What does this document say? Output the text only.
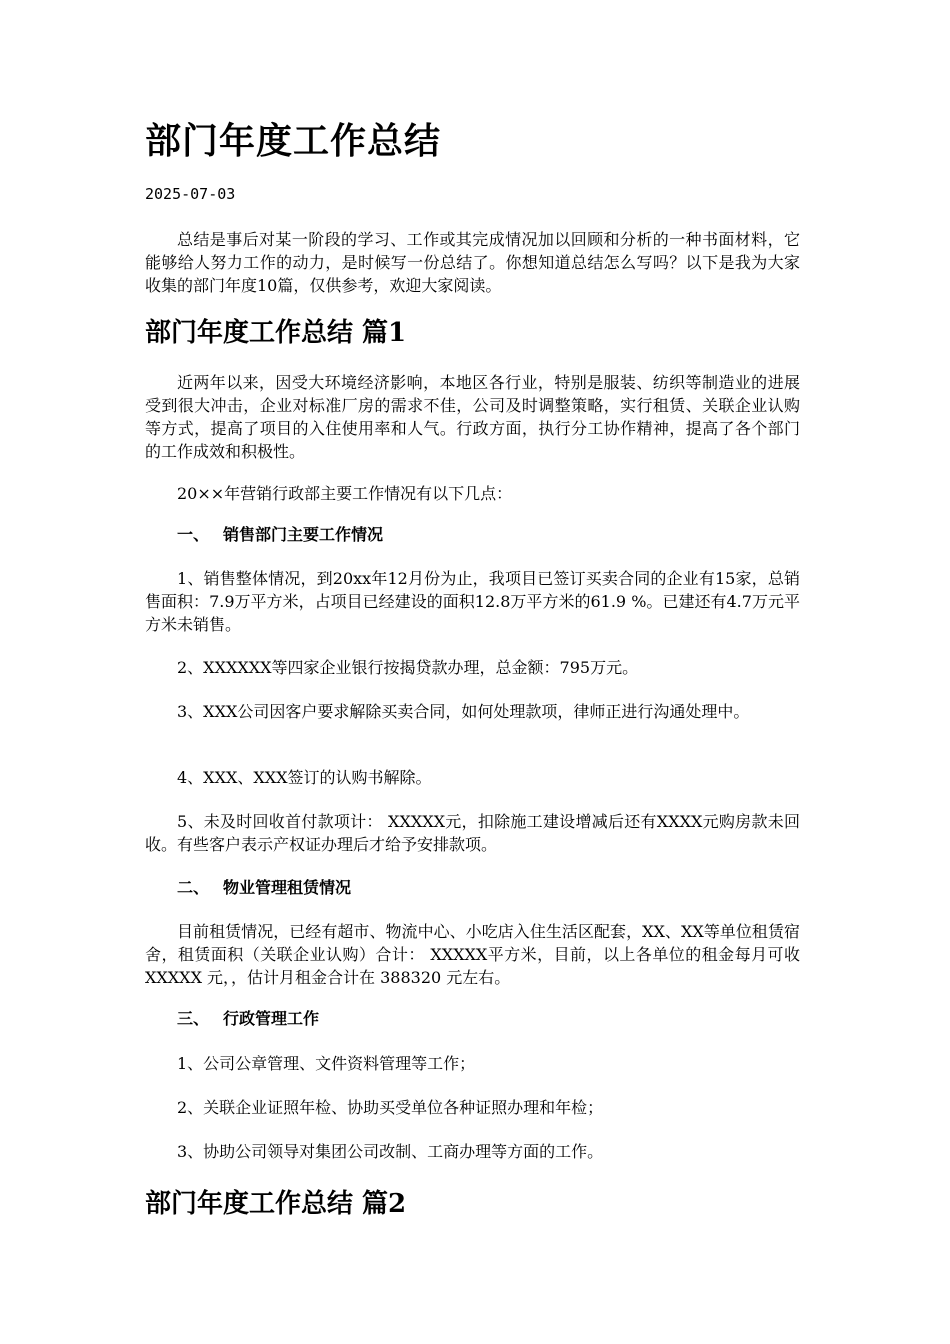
部门年度工作总结
2025-07-03

总结是事后对某一阶段的学习、工作或其完成情况加以回顾和分析的一种书面材料，它能够给人努力工作的动力，是时候写一份总结了。你想知道总结怎么写吗？以下是我为大家收集的部门年度10篇，仅供参考，欢迎大家阅读。

部门年度工作总结 篇1

近两年以来，因受大环境经济影响，本地区各行业，特别是服装、纺织等制造业的进展受到很大冲击，企业对标准厂房的需求不佳，公司及时调整策略，实行租赁、关联企业认购等方式，提高了项目的入住使用率和人气。行政方面，执行分工协作精神，提高了各个部门的工作成效和积极性。

20××年营销行政部主要工作情况有以下几点：

一、 销售部门主要工作情况

1、销售整体情况，到20xx年12月份为止，我项目已签订买卖合同的企业有15家，总销售面积：7.9万平方米，占项目已经建设的面积12.8万平方米的61.9 %。已建还有4.7万元平方米未销售。

2、XXXXXX等四家企业银行按揭贷款办理，总金额：795万元。

3、XXX公司因客户要求解除买卖合同，如何处理款项，律师正进行沟通处理中。

4、XXX、XXX签订的认购书解除。

5、未及时回收首付款项计： XXXXX元，扣除施工建设增减后还有XXXX元购房款未回收。有些客户表示产权证办理后才给予安排款项。

二、 物业管理租赁情况

目前租赁情况，已经有超市、物流中心、小吃店入住生活区配套，XX、XX等单位租赁宿舍，租赁面积（关联企业认购）合计： XXXXX平方米，目前，以上各单位的租金每月可收XXXXX 元，，估计月租金合计在 388320 元左右。

三、 行政管理工作

1、公司公章管理、文件资料管理等工作；

2、关联企业证照年检、协助买受单位各种证照办理和年检；

3、协助公司领导对集团公司改制、工商办理等方面的工作。

部门年度工作总结 篇2
